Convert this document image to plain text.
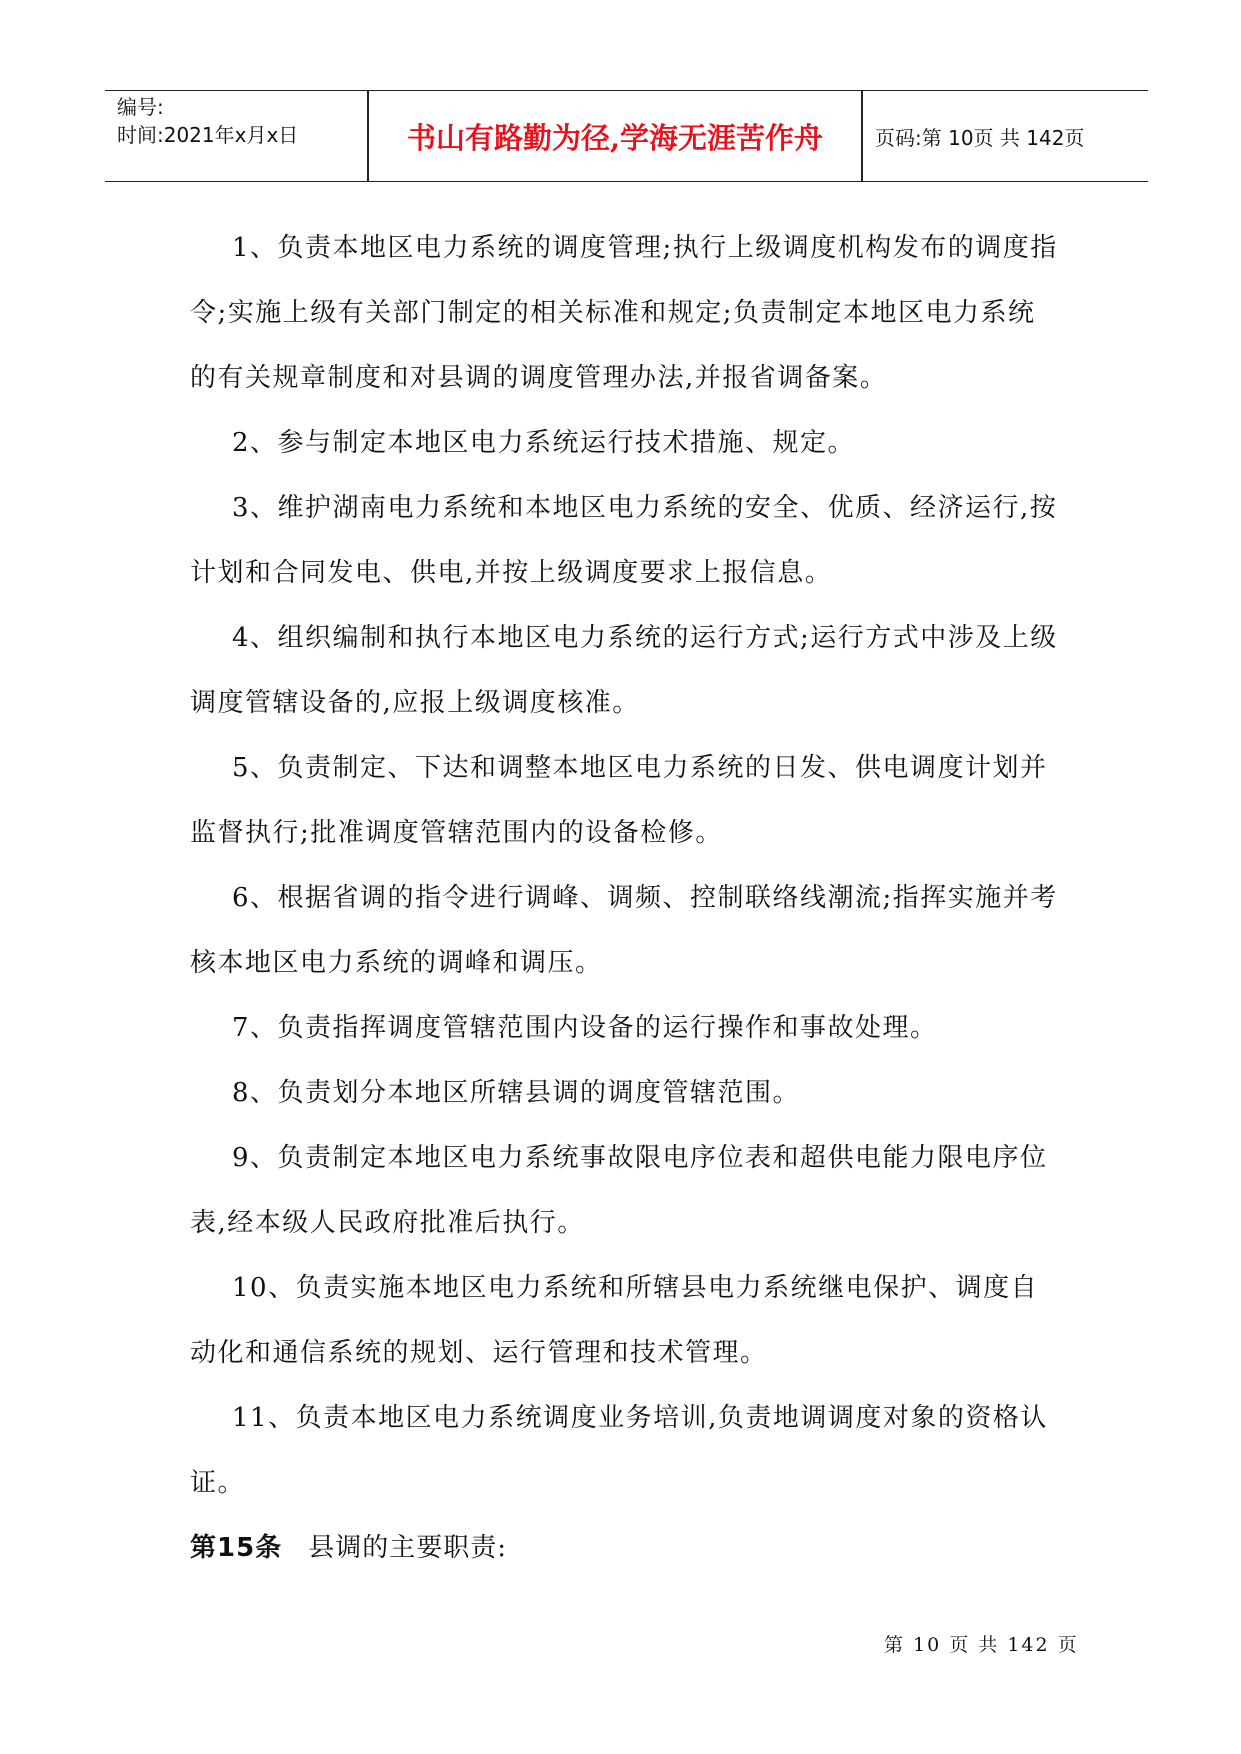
编号:
时间:2021年x月x日	书山有路勤为径,学海无涯苦作舟	页码:第 10页 共 142页

1、负责本地区电力系统的调度管理;执行上级调度机构发布的调度指令;实施上级有关部门制定的相关标准和规定;负责制定本地区电力系统的有关规章制度和对县调的调度管理办法,并报省调备案。

2、参与制定本地区电力系统运行技术措施、规定。

3、维护湖南电力系统和本地区电力系统的安全、优质、经济运行,按计划和合同发电、供电,并按上级调度要求上报信息。

4、组织编制和执行本地区电力系统的运行方式;运行方式中涉及上级调度管辖设备的,应报上级调度核准。

5、负责制定、下达和调整本地区电力系统的日发、供电调度计划并监督执行;批准调度管辖范围内的设备检修。

6、根据省调的指令进行调峰、调频、控制联络线潮流;指挥实施并考核本地区电力系统的调峰和调压。

7、负责指挥调度管辖范围内设备的运行操作和事故处理。

8、负责划分本地区所辖县调的调度管辖范围。

9、负责制定本地区电力系统事故限电序位表和超供电能力限电序位表,经本级人民政府批准后执行。

10、负责实施本地区电力系统和所辖县电力系统继电保护、调度自动化和通信系统的规划、运行管理和技术管理。

11、负责本地区电力系统调度业务培训,负责地调调度对象的资格认证。

第15条 县调的主要职责:

第 10 页 共 142 页
